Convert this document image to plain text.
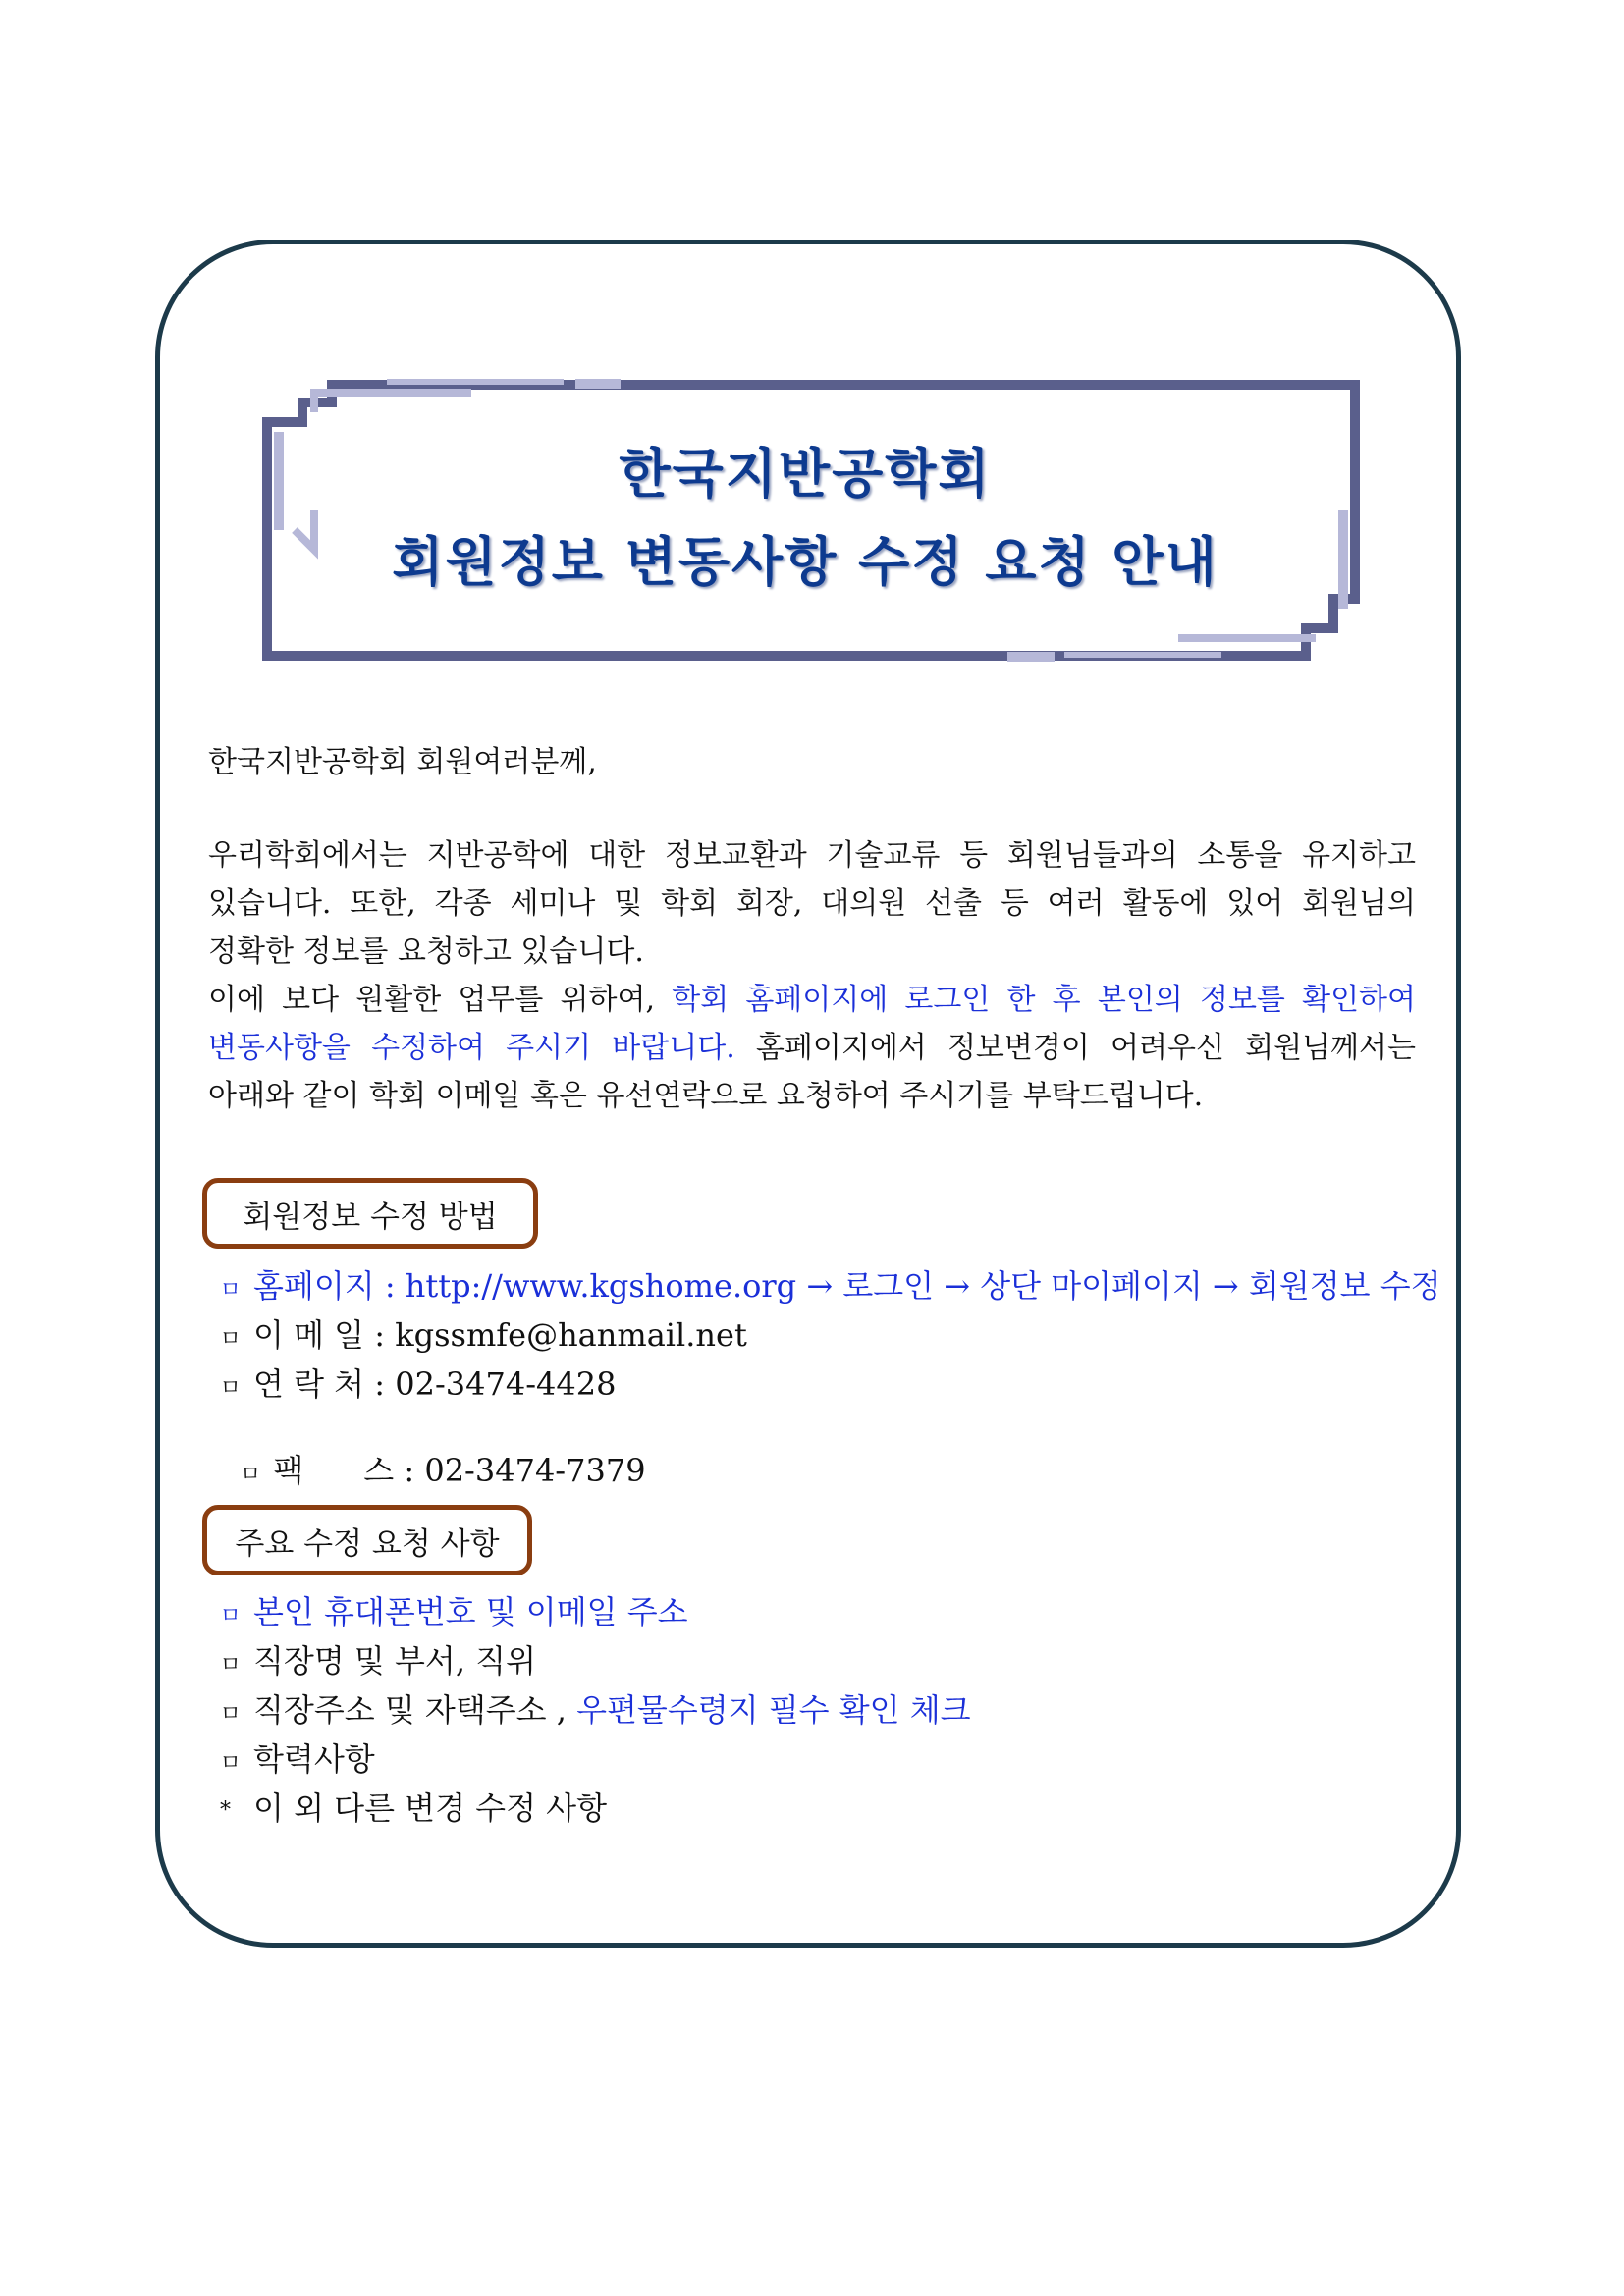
한국지반공학회
회원정보 변동사항 수정 요청 안내
한국지반공학회 회원여러분께,
우리학회에서는 지반공학에 대한 정보교환과 기술교류 등 회원님들과의 소통을 유지하고
있습니다. 또한, 각종 세미나 및 학회 회장, 대의원 선출 등 여러 활동에 있어 회원님의
정확한 정보를 요청하고 있습니다.
이에 보다 원활한 업무를 위하여, 학회 홈페이지에 로그인 한 후 본인의 정보를 확인하여
변동사항을 수정하여 주시기 바랍니다. 홈페이지에서 정보변경이 어려우신 회원님께서는
아래와 같이 학회 이메일 혹은 유선연락으로 요청하여 주시기를 부탁드립니다.
회원정보 수정 방법
ㅁ 홈페이지 : http://www.kgshome.org → 로그인 → 상단 마이페이지 → 회원정보 수정
ㅁ 이 메 일 : kgssmfe@hanmail.net
ㅁ 연 락 처 : 02-3474-4428

ㅁ 팩      스 : 02-3474-7379

주요 수정 요청 사항
ㅁ 본인 휴대폰번호 및 이메일 주소
ㅁ 직장명 및 부서, 직위
ㅁ 직장주소 및 자택주소 , 우편물수령지 필수 확인 체크
ㅁ 학력사항
* 이 외 다른 변경 수정 사항
